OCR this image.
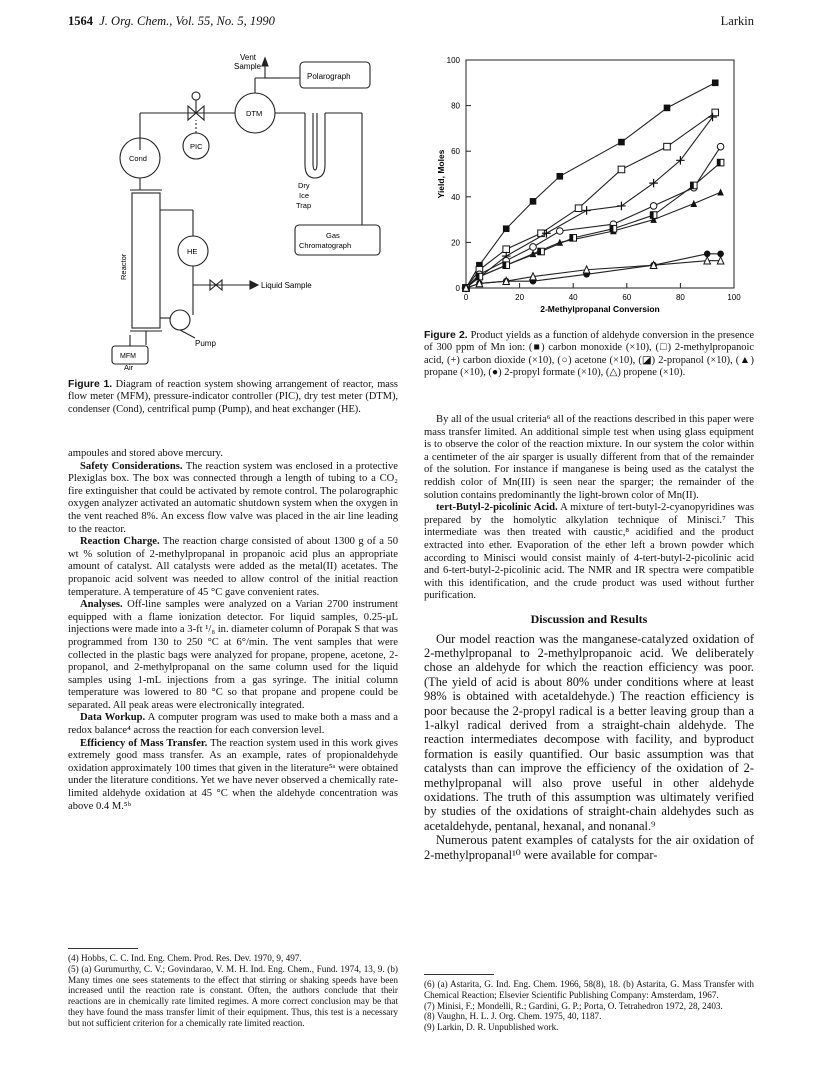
1564 J. Org. Chem., Vol. 55, No. 5, 1990	Larkin
Vent
Sample
Polarograph
DTM
PIC
Cond
Dry
Ice
Trap
Gas
Chromatograph
Reactor
HE
Liquid Sample
Pump
MFM
Air
Figure 1. Diagram of reaction system showing arrangement of reactor, mass flow meter (MFM), pressure-indicator controller (PIC), dry test meter (DTM), condenser (Cond), centrifical pump (Pump), and heat exchanger (HE).

ampoules and stored above mercury.

Safety Considerations. The reaction system was enclosed in a protective Plexiglas box. The box was connected through a length of tubing to a CO₂ fire extinguisher that could be activated by remote control. The polarographic oxygen analyzer activated an automatic shutdown system when the oxygen in the vent reached 8%. An excess flow valve was placed in the air line leading to the reactor.

Reaction Charge. The reaction charge consisted of about 1300 g of a 50 wt % solution of 2-methylpropanal in propanoic acid plus an appropriate amount of catalyst. All catalysts were added as the metal(II) acetates. The propanoic acid solvent was needed to allow control of the initial reaction temperature. A temperature of 45 °C gave convenient rates.

Analyses. Off-line samples were analyzed on a Varian 2700 instrument equipped with a flame ionization detector. For liquid samples, 0.25-μL injections were made into a 3-ft ¹/₈ in. diameter column of Porapak S that was programmed from 130 to 250 °C at 6°/min. The vent samples that were collected in the plastic bags were analyzed for propane, propene, acetone, 2-propanol, and 2-methylpropanal on the same column used for the liquid samples using 1-mL injections from a gas syringe. The initial column temperature was lowered to 80 °C so that propane and propene could be separated. All peak areas were electronically integrated.

Data Workup. A computer program was used to make both a mass and a redox balance⁴ across the reaction for each conversion level.

Efficiency of Mass Transfer. The reaction system used in this work gives extremely good mass transfer. As an example, rates of propionaldehyde oxidation approximately 100 times that given in the literature⁵ᵃ were obtained under the literature conditions. Yet we have never observed a chemically rate-limited aldehyde oxidation at 45 °C when the aldehyde concentration was above 0.4 M.⁵ᵇ

(4) Hobbs, C. C. Ind. Eng. Chem. Prod. Res. Dev. 1970, 9, 497.

(5) (a) Gurumurthy, C. V.; Govindarao, V. M. H. Ind. Eng. Chem., Fund. 1974, 13, 9. (b) Many times one sees statements to the effect that stirring or shaking speeds have been increased until the reaction rate is constant. Often, the authors conclude that their reactions are in chemically rate limited regimes. A more correct conclusion may be that they have found the mass transfer limit of their equipment. Thus, this test is a necessary but not sufficient criterion for a chemically rate limited reaction.

0	20	40	60	80	100
0
20
40
60
80
100
2-Methylpropanal Conversion
Yield, Moles
Figure 2. Product yields as a function of aldehyde conversion in the presence of 300 ppm of Mn ion: (■) carbon monoxide (×10), (□) 2-methylpropanoic acid, (+) carbon dioxide (×10), (○) acetone (×10), (◪) 2-propanol (×10), (▲) propane (×10), (●) 2-propyl formate (×10), (△) propene (×10).

By all of the usual criteria⁶ all of the reactions described in this paper were mass transfer limited. An additional simple test when using glass equipment is to observe the color of the reaction mixture. In our system the color within a centimeter of the air sparger is usually different from that of the remainder of the solution. For instance if manganese is being used as the catalyst the reddish color of Mn(III) is seen near the sparger; the remainder of the solution contains predominantly the light-brown color of Mn(II).

tert-Butyl-2-picolinic Acid. A mixture of tert-butyl-2-cyanopyridines was prepared by the homolytic alkylation technique of Minisci.⁷ This intermediate was then treated with caustic,⁸ acidified and the product extracted into ether. Evaporation of the ether left a brown powder which according to Minisci would consist mainly of 4-tert-butyl-2-picolinic acid and 6-tert-butyl-2-picolinic acid. The NMR and IR spectra were compatible with this identification, and the crude product was used without further purification.

Discussion and Results

Our model reaction was the manganese-catalyzed oxidation of 2-methylpropanal to 2-methylpropanoic acid. We deliberately chose an aldehyde for which the reaction efficiency was poor. (The yield of acid is about 80% under conditions where at least 98% is obtained with acetaldehyde.) The reaction efficiency is poor because the 2-propyl radical is a better leaving group than a 1-alkyl radical derived from a straight-chain aldehyde. The reaction intermediates decompose with facility, and byproduct formation is easily quantified. Our basic assumption was that catalysts than can improve the efficiency of the oxidation of 2-methylpropanal will also prove useful in other aldehyde oxidations. The truth of this assumption was ultimately verified by studies of the oxidations of straight-chain aldehydes such as acetaldehyde, pentanal, hexanal, and nonanal.⁹

Numerous patent examples of catalysts for the air oxidation of 2-methylpropanal¹⁰ were available for compar-

(6) (a) Astarita, G. Ind. Eng. Chem. 1966, 58(8), 18. (b) Astarita, G. Mass Transfer with Chemical Reaction; Elsevier Scientific Publishing Company: Amsterdam, 1967.

(7) Minisi, F.; Mondelli, R.; Gardini, G. P.; Porta, O. Tetrahedron 1972, 28, 2403.

(8) Vaughn, H. L. J. Org. Chem. 1975, 40, 1187.

(9) Larkin, D. R. Unpublished work.
